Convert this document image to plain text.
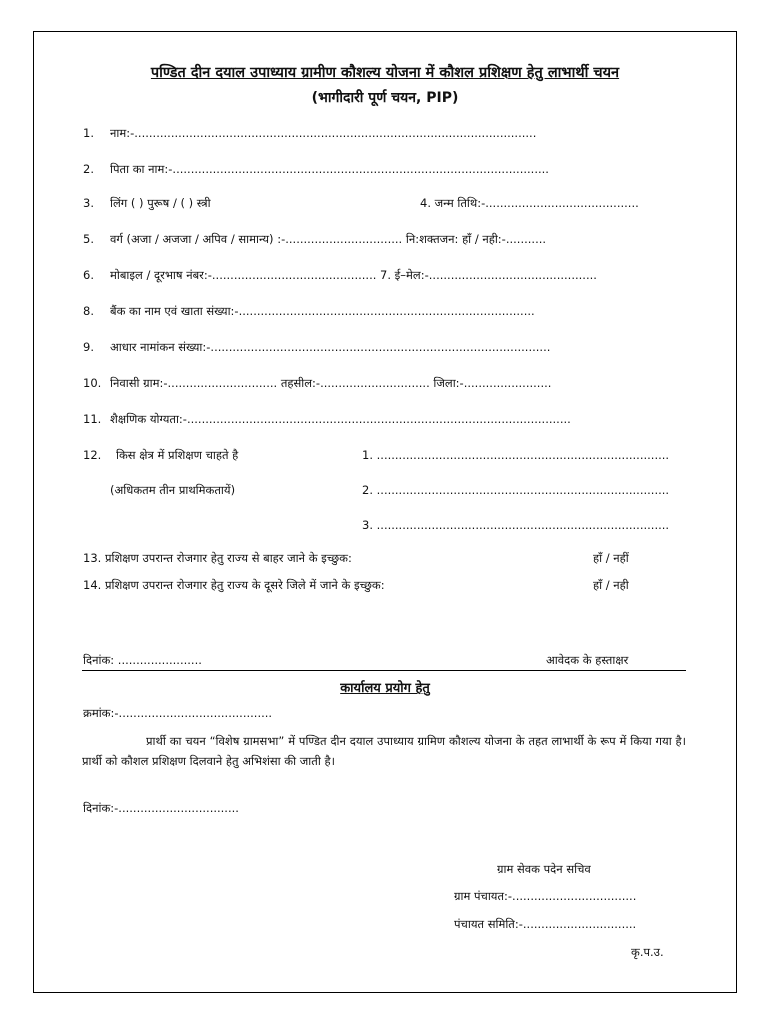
पण्डित दीन दयाल उपाध्याय ग्रामीण कौशल्य योजना में कौशल प्रशिक्षण हेतु लाभार्थी चयन
(भागीदारी पूर्ण चयन, PIP)
1. नाम:-..............................................................................................................
2. पिता का नाम:-.......................................................................................................
3. लिंग ( ) पुरूष / ( ) स्त्री	4. जन्म तिथि:-..........................................
5. वर्ग (अजा / अजजा / अपिव / सामान्य) :-................................ नि:शक्तजन: हाँ / नही:-...........
6. मोबाइल / दूरभाष नंबर:-............................................. 7. ई–मेल:-..............................................
8. बैंक का नाम एवं खाता संख्या:-.................................................................................
9. आधार नामांकन संख्या:-.............................................................................................
10. निवासी ग्राम:-.............................. तहसील:-.............................. जिला:-........................
11. शैक्षणिक योग्यता:-.........................................................................................................
12. किस क्षेत्र में प्रशिक्षण चाहते है	1. ................................................................................
(अधिकतम तीन प्राथमिकतायें)	2. ................................................................................
3. ................................................................................
13. प्रशिक्षण उपरान्त रोजगार हेतु राज्य से बाहर जाने के इच्छुक:	हाँ / नहीं
14. प्रशिक्षण उपरान्त रोजगार हेतु राज्य के दूसरे जिले में जाने के इच्छुक:	हाँ / नही
दिनांक: .......................	आवेदक के हस्ताक्षर
कार्यालय प्रयोग हेतु
क्रमांक:-..........................................
प्रार्थी का चयन “विशेष ग्रामसभा” में पण्डित दीन दयाल उपाध्याय ग्रामिण कौशल्य योजना के तहत लाभार्थी के रूप में किया गया है। प्रार्थी को कौशल प्रशिक्षण दिलवाने हेतु अभिशंसा की जाती है।
दिनांक:-.................................
ग्राम सेवक पदेन सचिव
ग्राम पंचायत:-..................................
पंचायत समिति:-...............................
कृ.प.उ.
